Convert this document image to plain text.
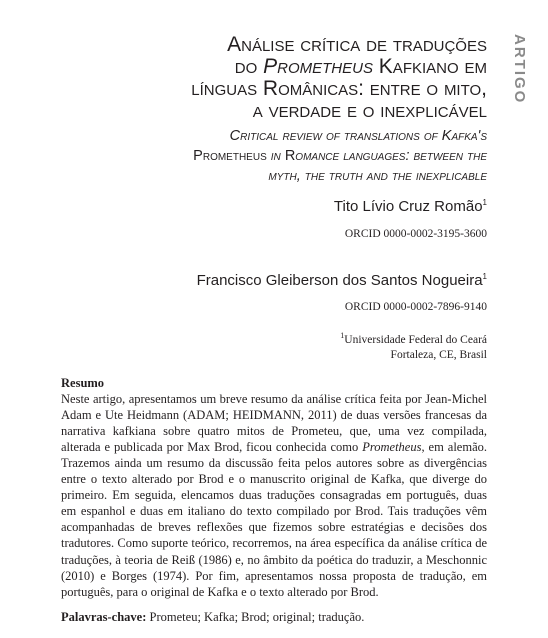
ARTIGO
Análise crítica de traduções
do Prometheus Kafkiano em
línguas Românicas: entre o mito,
a verdade e o inexplicável
Critical review of translations of Kafka's
Prometheus in Romance languages: between the
myth, the truth and the inexplicable
Tito Lívio Cruz Romão$^1$
ORCID 0000-0002-3195-3600
Francisco Gleiberson dos Santos Nogueira$^1$
ORCID 0000-0002-7896-9140
$^1$Universidade Federal do Ceará
Fortaleza, CE, Brasil
Resumo
Neste artigo, apresentamos um breve resumo da análise crítica feita por Jean-Michel Adam e Ute Heidmann (ADAM; HEIDMANN, 2011) de duas versões francesas da narrativa kafkiana sobre quatro mitos de Prometeu, que, uma vez compilada, alterada e publicada por Max Brod, ficou conhecida como Prometheus, em alemão. Trazemos ainda um resumo da discussão feita pelos autores sobre as divergências entre o texto alterado por Brod e o manuscrito original de Kafka, que diverge do primeiro. Em seguida, elencamos duas traduções consagradas em português, duas em espanhol e duas em italiano do texto compilado por Brod. Tais traduções vêm acompanhadas de breves reflexões que fizemos sobre estratégias e decisões dos tradutores. Como suporte teórico, recorremos, na área específica da análise crítica de traduções, à teoria de Reiß (1986) e, no âmbito da poética do traduzir, a Meschonnic (2010) e Borges (1974). Por fim, apresentamos nossa proposta de tradução, em português, para o original de Kafka e o texto alterado por Brod.
Palavras-chave: Prometeu; Kafka; Brod; original; tradução.
